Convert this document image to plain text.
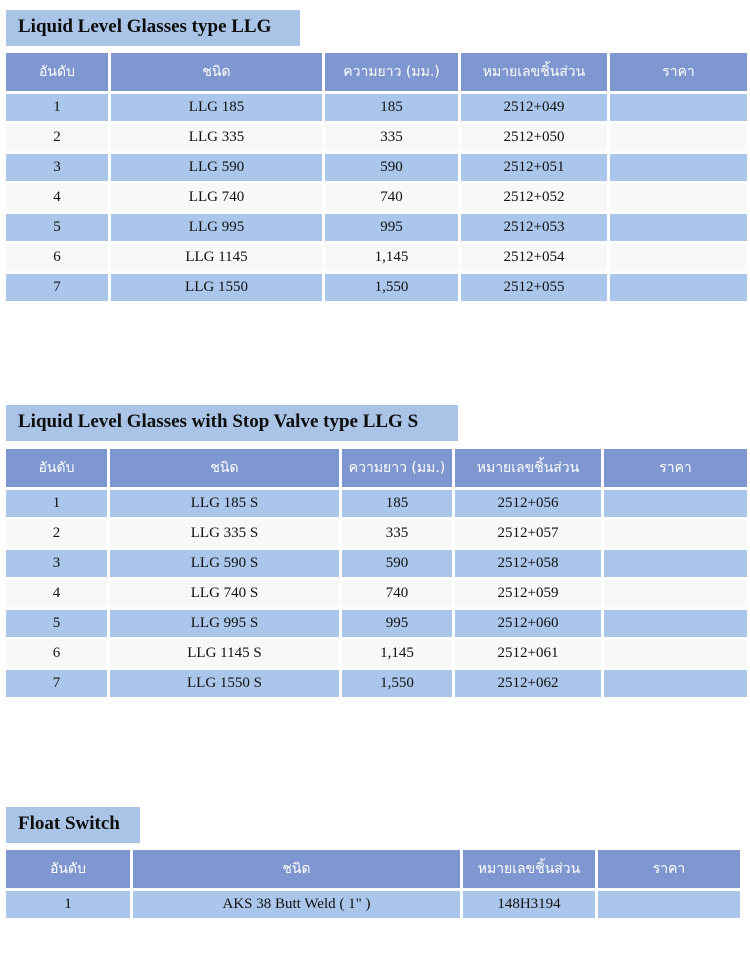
Liquid Level Glasses type LLG
อันดับ	ชนิด	ความยาว (มม.)	หมายเลขชิ้นส่วน	ราคา
1	LLG 185	185	2512+049	
2	LLG 335	335	2512+050	
3	LLG 590	590	2512+051	
4	LLG 740	740	2512+052	
5	LLG 995	995	2512+053	
6	LLG 1145	1,145	2512+054	
7	LLG 1550	1,550	2512+055	
Liquid Level Glasses with Stop Valve type LLG S
อันดับ	ชนิด	ความยาว (มม.)	หมายเลขชิ้นส่วน	ราคา
1	LLG 185 S	185	2512+056	
2	LLG 335 S	335	2512+057	
3	LLG 590 S	590	2512+058	
4	LLG 740 S	740	2512+059	
5	LLG 995 S	995	2512+060	
6	LLG 1145 S	1,145	2512+061	
7	LLG 1550 S	1,550	2512+062	
Float Switch
อันดับ	ชนิด	หมายเลขชิ้นส่วน	ราคา
1	AKS 38 Butt Weld ( 1" )	148H3194	
